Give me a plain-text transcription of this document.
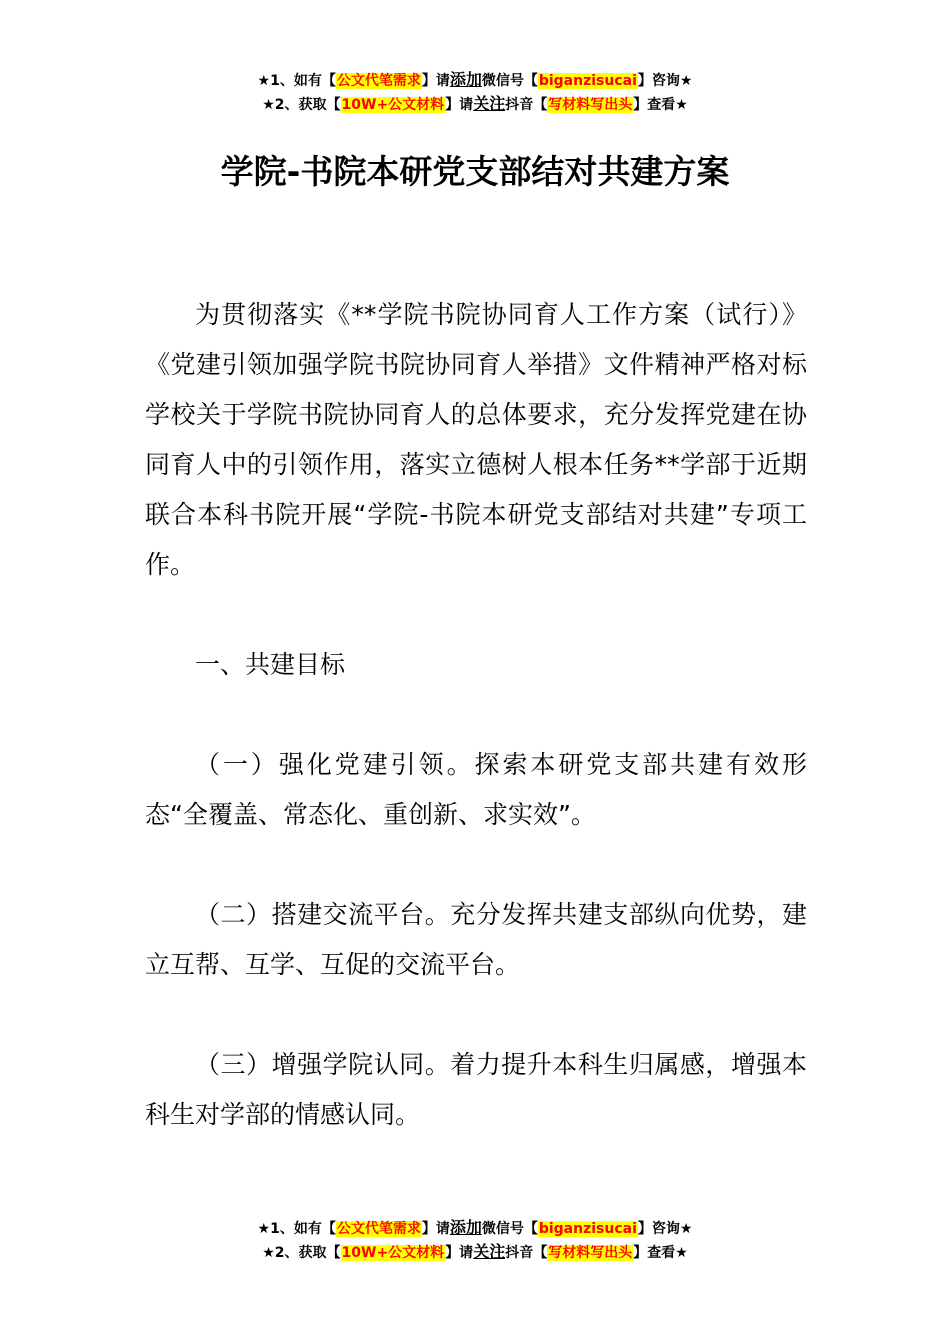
★1、如有【公文代笔需求】请添加微信号【biganzisucai】咨询★
★2、获取【10W+公文材料】请关注抖音【写材料写出头】查看★
学院-书院本研党支部结对共建方案

为贯彻落实《**学院书院协同育人工作方案（试行）》《党建引领加强学院书院协同育人举措》文件精神严格对标学校关于学院书院协同育人的总体要求，充分发挥党建在协同育人中的引领作用，落实立德树人根本任务**学部于近期联合本科书院开展“学院-书院本研党支部结对共建”专项工作。

一、共建目标

（一）强化党建引领。探索本研党支部共建有效形态“全覆盖、常态化、重创新、求实效”。

（二）搭建交流平台。充分发挥共建支部纵向优势，建立互帮、互学、互促的交流平台。

（三）增强学院认同。着力提升本科生归属感，增强本科生对学部的情感认同。

★1、如有【公文代笔需求】请添加微信号【biganzisucai】咨询★
★2、获取【10W+公文材料】请关注抖音【写材料写出头】查看★
